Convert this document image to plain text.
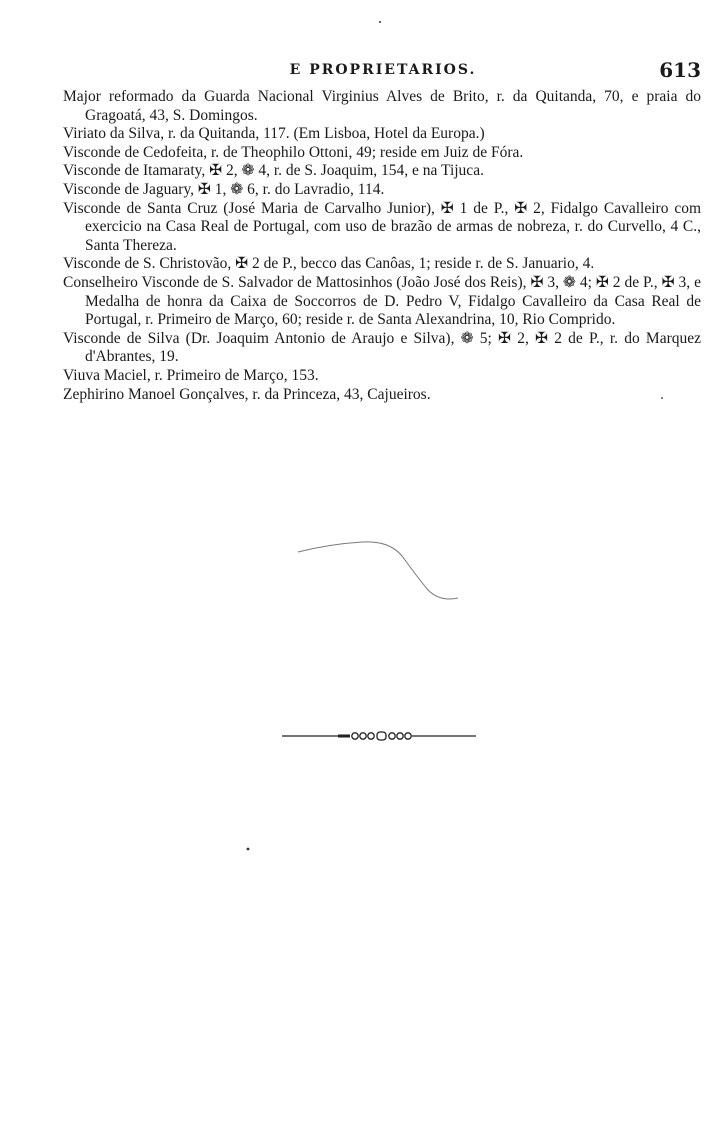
E PROPRIETARIOS.	613

Major reformado da Guarda Nacional Virginius Alves de Brito, r. da Quitanda, 70, e praia do Gragoatá, 43, S. Domingos.

Viriato da Silva, r. da Quitanda, 117. (Em Lisboa, Hotel da Europa.)

Visconde de Cedofeita, r. de Theophilo Ottoni, 49; reside em Juiz de Fóra.

Visconde de Itamaraty, ✠ 2, ❁ 4, r. de S. Joaquim, 154, e na Tijuca.

Visconde de Jaguary, ✠ 1, ❁ 6, r. do Lavradio, 114.

Visconde de Santa Cruz (José Maria de Carvalho Junior), ✠ 1 de P., ✠ 2, Fidalgo Cavalleiro com exercicio na Casa Real de Portugal, com uso de brazão de armas de nobreza, r. do Curvello, 4 C., Santa Thereza.

Visconde de S. Christovão, ✠ 2 de P., becco das Canôas, 1; reside r. de S. Januario, 4.

Conselheiro Visconde de S. Salvador de Mattosinhos (João José dos Reis), ✠ 3, ❁ 4; ✠ 2 de P., ✠ 3, e Medalha de honra da Caixa de Soccorros de D. Pedro V, Fidalgo Cavalleiro da Casa Real de Portugal, r. Primeiro de Março, 60; reside r. de Santa Alexandrina, 10, Rio Comprido.

Visconde de Silva (Dr. Joaquim Antonio de Araujo e Silva), ❁ 5; ✠ 2, ✠ 2 de P., r. do Marquez d'Abrantes, 19.

Viuva Maciel, r. Primeiro de Março, 153.

Zephirino Manoel Gonçalves, r. da Princeza, 43, Cajueiros.
